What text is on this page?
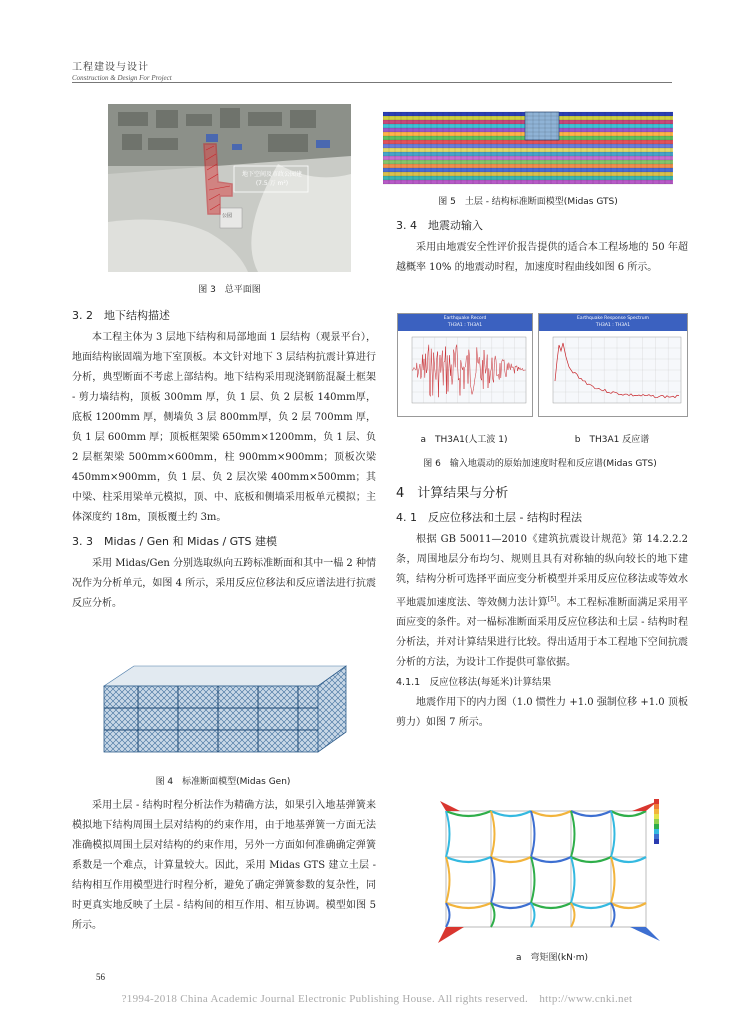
工程建设与设计
Construction & Design For Project
地下空间及市政公园建
(7.5 万 m²)
公园
图 3　总平面图
3. 2　地下结构描述

本工程主体为 3 层地下结构和局部地面 1 层结构（观景平台），地面结构嵌固端为地下室顶板。本文针对地下 3 层结构抗震计算进行分析，典型断面不考虑上部结构。地下结构采用现浇钢筋混凝土框架 - 剪力墙结构，顶板 300mm 厚，负 1 层、负 2 层板 140mm厚，底板 1200mm 厚，侧墙负 3 层 800mm厚，负 2 层 700mm 厚，负 1 层 600mm 厚；顶板框架梁 650mm×1200mm，负 1 层、负 2 层框架梁 500mm×600mm，柱 900mm×900mm；顶板次梁 450mm×900mm，负 1 层、负 2 层次梁 400mm×500mm；其中梁、柱采用梁单元模拟，顶、中、底板和侧墙采用板单元模拟；主体深度约 18m，顶板覆土约 3m。

3. 3　Midas / Gen 和 Midas / GTS 建模

采用 Midas/Gen 分别选取纵向五跨标准断面和其中一榀 2 种情况作为分析单元，如图 4 所示，采用反应位移法和反应谱法进行抗震反应分析。

图 4　标准断面模型(Midas Gen)

采用土层 - 结构时程分析法作为精确方法，如果引入地基弹簧来模拟地下结构周围土层对结构的约束作用，由于地基弹簧一方面无法准确模拟周围土层对结构的约束作用，另外一方面如何准确确定弹簧系数是一个难点，计算量较大。因此，采用 Midas GTS 建立土层 - 结构相互作用模型进行时程分析，避免了确定弹簧参数的复杂性，同时更真实地反映了土层 - 结构间的相互作用、相互协调。模型如图 5 所示。

56
图 5　土层 - 结构标准断面模型(Midas GTS)
3. 4　地震动输入

采用由地震安全性评价报告提供的适合本工程场地的 50 年超越概率 10% 的地震动时程，加速度时程曲线如图 6 所示。

Earthquake Record
TH3A1 : TH3A1
Earthquake Response Spectrum
TH3A1 : TH3A1
a　TH3A1(人工波 1)	b　TH3A1 反应谱
图 6　输入地震动的原始加速度时程和反应谱(Midas GTS)
4　计算结果与分析
4. 1　反应位移法和土层 - 结构时程法

根据 GB 50011—2010《建筑抗震设计规范》第 14.2.2.2 条，周围地层分布均匀、规则且具有对称轴的纵向较长的地下建筑，结构分析可选择平面应变分析模型并采用反应位移法或等效水平地震加速度法、等效侧力法计算[5]。本工程标准断面满足采用平面应变的条件。对一榀标准断面采用反应位移法和土层 - 结构时程分析法，并对计算结果进行比较。得出适用于本工程地下空间抗震分析的方法，为设计工作提供可靠依据。

4.1.1　反应位移法(每延米)计算结果

地震作用下的内力图（1.0 惯性力 +1.0 强制位移 +1.0 顶板剪力）如图 7 所示。

a　弯矩图(kN·m)
?1994-2018 China Academic Journal Electronic Publishing House. All rights reserved.　http://www.cnki.net
